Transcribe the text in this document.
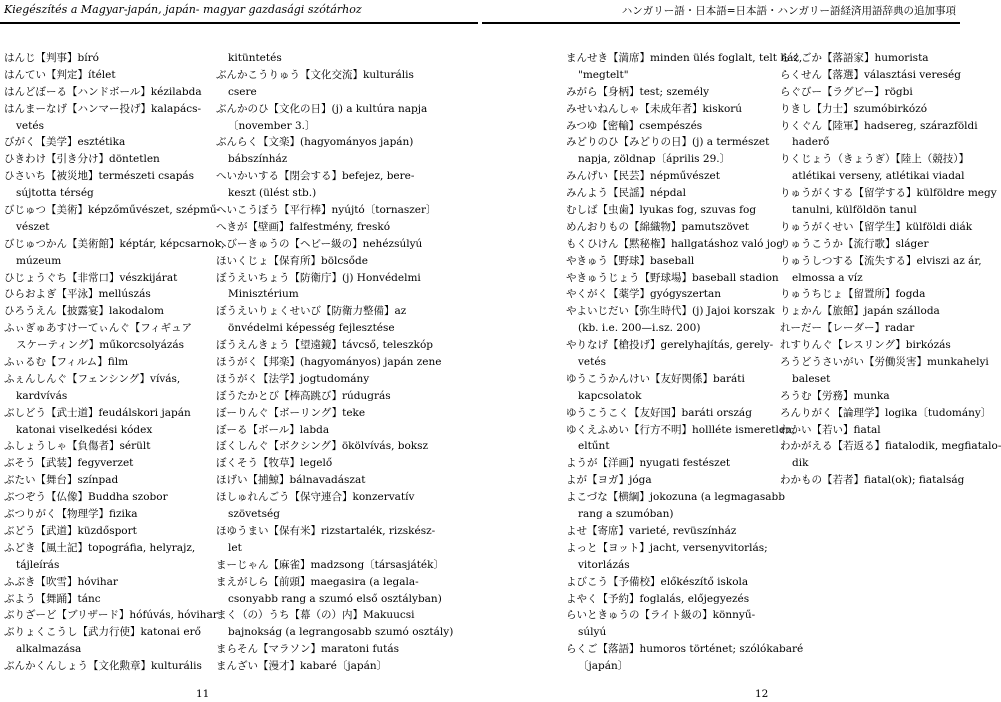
Kiegészítés a Magyar-japán, japán- magyar gazdasági szótárhoz	ハンガリー語・日本語=日本語・ハンガリー語経済用語辞典の追加事項
はんじ【判事】bíró
はんてい【判定】ítélet
はんどぼーる【ハンドボール】kézilabda
はんまーなげ【ハンマー投げ】kalapács-
vetés
びがく【美学】esztétika
ひきわけ【引き分け】döntetlen
ひさいち【被災地】természeti csapás
sújtotta térség
びじゅつ【美術】képzőművészet, szépmű-
vészet
びじゅつかん【美術館】képtár, képcsarnok,
múzeum
ひじょうぐち【非常口】vészkijárat
ひらおよぎ【平泳】mellúszás
ひろうえん【披露宴】lakodalom
ふぃぎゅあすけーてぃんぐ【フィギュア
スケーティング】műkorcsolyázás
ふぃるむ【フィルム】film
ふぇんしんぐ【フェンシング】vívás,
kardvívás
ぶしどう【武士道】feudálskori japán
katonai viselkedési kódex
ふしょうしゃ【負傷者】sérült
ぶそう【武装】fegyverzet
ぶたい【舞台】színpad
ぶつぞう【仏像】Buddha szobor
ぶつりがく【物理学】fizika
ぶどう【武道】küzdősport
ふどき【風土記】topográfia, helyrajz,
tájleírás
ふぶき【吹雪】hóvihar
ぶよう【舞踊】tánc
ぶりざーど【ブリザード】hófúvás, hóvihar
ぶりょくこうし【武力行使】katonai erő
alkalmazása
ぶんかくんしょう【文化勲章】kulturális
kitüntetés
ぶんかこうりゅう【文化交流】kulturális
csere
ぶんかのひ【文化の日】(j) a kultúra napja
〔november 3.〕
ぶんらく【文楽】(hagyományos japán)
bábszínház
へいかいする【閉会する】befejez, bere-
keszt (ülést stb.)
へいこうぼう【平行棒】nyújtó〔tornaszer〕
へきが【壁画】falfestmény, freskó
へびーきゅうの【ヘビー級の】nehézsúlyú
ほいくじょ【保育所】bölcsőde
ぼうえいちょう【防衛庁】(j) Honvédelmi
Minisztérium
ぼうえいりょくせいび【防衛力整備】az
önvédelmi képesség fejlesztése
ぼうえんきょう【望遠鏡】távcső, teleszkóp
ほうがく【邦楽】(hagyományos) japán zene
ほうがく【法学】jogtudomány
ぼうたかとび【棒高跳び】rúdugrás
ぼーりんぐ【ボーリング】teke
ぼーる【ボール】labda
ぼくしんぐ【ボクシング】ökölvívás, boksz
ぼくそう【牧草】legelő
ほげい【捕鯨】bálnavadászat
ほしゅれんごう【保守連合】konzervatív
szövetség
ほゆうまい【保有米】rizstartalék, rizskész-
let
まーじゃん【麻雀】madzsong〔társasjáték〕
まえがしら【前頭】maegasira (a legala-
csonyabb rang a szumó első osztályban)
まく（の）うち【幕（の）内】Makuucsi
bajnokság (a legrangosabb szumó osztály)
まらそん【マラソン】maratoni futás
まんざい【漫才】kabaré〔japán〕
まんせき【満席】minden ülés foglalt, telt ház,
"megtelt"
みがら【身柄】test; személy
みせいねんしゃ【未成年者】kiskorú
みつゆ【密輸】csempészés
みどりのひ【みどりの日】(j) a természet
napja, zöldnap〔április 29.〕
みんげい【民芸】népművészet
みんよう【民謡】népdal
むしば【虫歯】lyukas fog, szuvas fog
めんおりもの【綿織物】pamutszövet
もくひけん【黙秘権】hallgatáshoz való jog
やきゅう【野球】baseball
やきゅうじょう【野球場】baseball stadion
やくがく【薬学】gyógyszertan
やよいじだい【弥生時代】(j) Jajoi korszak
(kb. i.e. 200—i.sz. 200)
やりなげ【槍投げ】gerelyhajítás, gerely-
vetés
ゆうこうかんけい【友好関係】baráti
kapcsolatok
ゆうこうこく【友好国】baráti ország
ゆくえふめい【行方不明】hollléte ismeretlen,
eltűnt
ようが【洋画】nyugati festészet
よが【ヨガ】jóga
よこづな【横綱】jokozuna (a legmagasabb
rang a szumóban)
よせ【寄席】varieté, revüszínház
よっと【ヨット】jacht, versenyvitorlás;
vitorlázás
よびこう【予備校】előkészítő iskola
よやく【予約】foglalás, előjegyezés
らいときゅうの【ライト級の】könnyű-
súlyú
らくご【落語】humoros történet; szólókabaré
〔japán〕
らくごか【落語家】humorista
らくせん【落選】választási vereség
らぐびー【ラグビー】rögbi
りきし【力士】szumóbirkózó
りくぐん【陸軍】hadsereg, szárazföldi
haderő
りくじょう（きょうぎ）【陸上（競技）】
atlétikai verseny, atlétikai viadal
りゅうがくする【留学する】külföldre megy
tanulni, külföldön tanul
りゅうがくせい【留学生】külföldi diák
りゅうこうか【流行歌】sláger
りゅうしつする【流失する】elviszi az ár,
elmossa a víz
りゅうちじょ【留置所】fogda
りょかん【旅館】japán szálloda
れーだー【レーダー】radar
れすりんぐ【レスリング】birkózás
ろうどうさいがい【労働災害】munkahelyi
baleset
ろうむ【労務】munka
ろんりがく【論理学】logika〔tudomány〕
わかい【若い】fiatal
わかがえる【若返る】fiatalodik, megfiatalo-
dik
わかもの【若者】fiatal(ok); fiatalság
11	12
